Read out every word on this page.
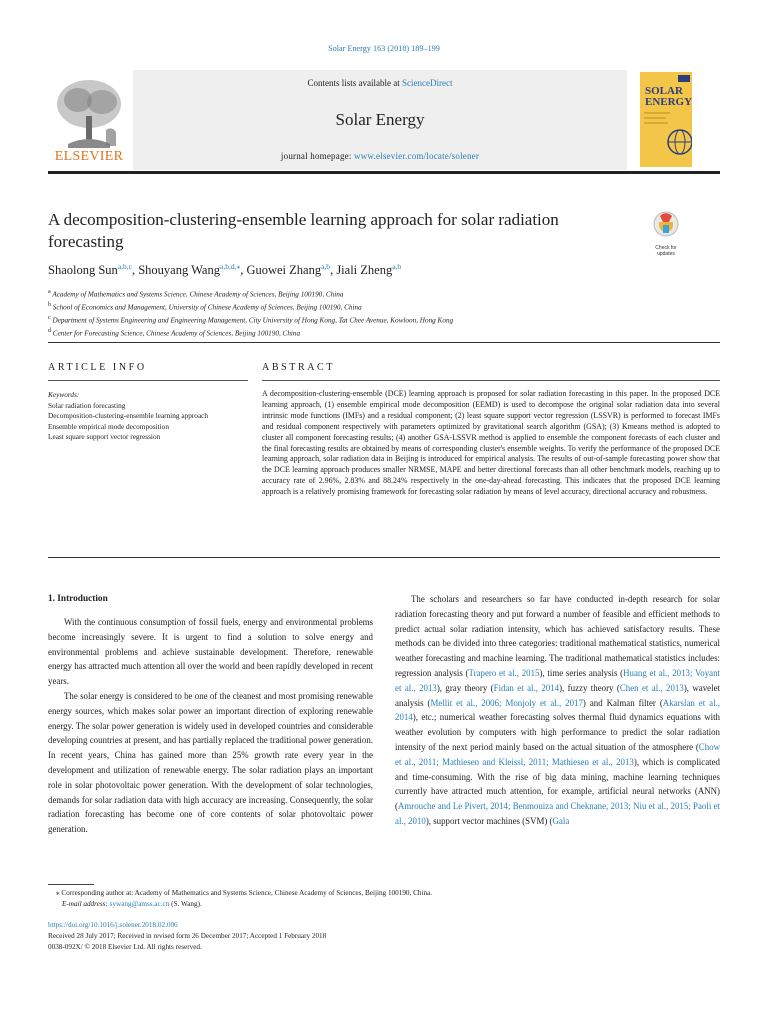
Solar Energy 163 (2018) 189–199
Contents lists available at ScienceDirect
Solar Energy
journal homepage: www.elsevier.com/locate/solener
ELSEVIER
SOLAR
ENERGY
A decomposition-clustering-ensemble learning approach for solar radiation forecasting	Check for updates
Shaolong Sun$^{a,b,c}$, Shouyang Wang$^{a,b,d,⁎}$, Guowei Zhang$^{a,b}$, Jiali Zheng$^{a,b}$
$^a$ Academy of Mathematics and Systems Science, Chinese Academy of Sciences, Beijing 100190, China
$^b$ School of Economics and Management, University of Chinese Academy of Sciences, Beijing 100190, China
$^c$ Department of Systems Engineering and Engineering Management, City University of Hong Kong, Tat Chee Avenue, Kowloon, Hong Kong
$^d$ Center for Forecasting Science, Chinese Academy of Sciences, Beijing 100190, China
ARTICLE INFO	ABSTRACT
Keywords:
Solar radiation forecasting
Decomposition-clustering-ensemble learning approach
Ensemble empirical mode decomposition
Least square support vector regression
A decomposition-clustering-ensemble (DCE) learning approach is proposed for solar radiation forecasting in this paper. In the proposed DCE learning approach, (1) ensemble empirical mode decomposition (EEMD) is used to decompose the original solar radiation data into several intrinsic mode functions (IMFs) and a residual component; (2) least square support vector regression (LSSVR) is performed to forecast IMFs and residual component respectively with parameters optimized by gravitational search algorithm (GSA); (3) Kmeans method is adopted to cluster all component forecasting results; (4) another GSA-LSSVR method is applied to ensemble the component forecasts of each cluster and the final forecasting results are obtained by means of corresponding cluster's ensemble weights. To verify the performance of the proposed DCE learning approach, solar radiation data in Beijing is introduced for empirical analysis. The results of out-of-sample forecasting power show that the DCE learning approach produces smaller NRMSE, MAPE and better directional forecasts than all other benchmark models, reaching up to accuracy rate of 2.96%, 2.83% and 88.24% respectively in the one-day-ahead forecasting. This indicates that the proposed DCE learning approach is a relatively promising framework for forecasting solar radiation by means of level accuracy, directional accuracy and robustness.
1. Introduction

With the continuous consumption of fossil fuels, energy and environmental problems become increasingly severe. It is urgent to find a solution to solve energy and environmental problems and achieve sustainable development. Therefore, renewable energy has attracted much attention all over the world and been rapidly developed in recent years.

The solar energy is considered to be one of the cleanest and most promising renewable energy sources, which makes solar power an important direction of exploring renewable energy. The solar power generation is widely used in developed countries and considerable developing countries at present, and has partially replaced the traditional power generation. In recent years, China has gained more than 25% growth rate every year in the development and utilization of renewable energy. The solar radiation plays an important role in solar photovoltaic power generation. With the development of solar technologies, demands for solar radiation data with high accuracy are increasing. Consequently, the solar radiation forecasting has become one of core contents of solar photovoltaic power generation.

The scholars and researchers so far have conducted in-depth research for solar radiation forecasting theory and put forward a number of feasible and efficient methods to predict actual solar radiation intensity, which has achieved satisfactory results. These methods can be divided into three categories: traditional mathematical statistics, numerical weather forecasting and machine learning. The traditional mathematical statistics includes: regression analysis (Trapero et al., 2015), time series analysis (Huang et al., 2013; Voyant et al., 2013), gray theory (Fidan et al., 2014), fuzzy theory (Chen et al., 2013), wavelet analysis (Mellit et al., 2006; Monjoly et al., 2017) and Kalman filter (Akarslan et al., 2014), etc.; numerical weather forecasting solves thermal fluid dynamics equations with weather evolution by computers with high performance to predict the solar radiation intensity of the next period mainly based on the actual situation of the atmosphere (Chow et al., 2011; Mathiesen and Kleissl, 2011; Mathiesen et al., 2013), which is complicated and time-consuming. With the rise of big data mining, machine learning techniques currently have attracted much attention, for example, artificial neural networks (ANN) (Amrouche and Le Pivert, 2014; Benmouiza and Cheknane, 2013; Niu et al., 2015; Paoli et al., 2010), support vector machines (SVM) (Gala

⁎ Corresponding author at: Academy of Mathematics and Systems Science, Chinese Academy of Sciences, Beijing 100190, China.
E-mail address: sywang@amss.ac.cn (S. Wang).
https://doi.org/10.1016/j.solener.2018.02.006
Received 28 July 2017; Received in revised form 26 December 2017; Accepted 1 February 2018
0038-092X/ © 2018 Elsevier Ltd. All rights reserved.
